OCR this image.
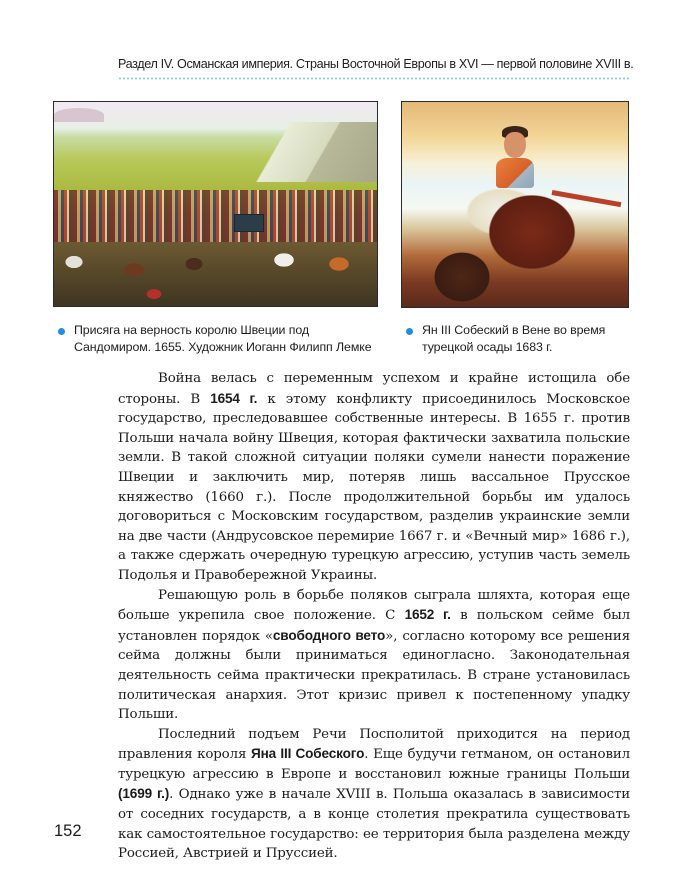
Раздел IV. Османская империя. Страны Восточной Европы в XVI — первой половине XVIII в.
Присяга на верность королю Швеции под Сандомиром. 1655. Художник Иоганн Филипп Лемке
Ян III Собеский в Вене во время турецкой осады 1683 г.

Война велась с переменным успехом и крайне истощила обе стороны. В 1654 г. к этому конфликту присоединилось Московское государство, преследовавшее собственные интересы. В 1655 г. против Польши начала войну Швеция, которая фактически захватила польские земли. В такой сложной ситуации поляки сумели нанести поражение Швеции и заключить мир, потеряв лишь вассальное Прусское княжество (1660 г.). После продолжительной борьбы им удалось договориться с Московским государством, разделив украинские земли на две части (Андрусовское перемирие 1667 г. и «Вечный мир» 1686 г.), а также сдержать очередную турецкую агрессию, уступив часть земель Подолья и Правобережной Украины.

Решающую роль в борьбе поляков сыграла шляхта, которая еще больше укрепила свое положение. С 1652 г. в польском сейме был установлен порядок «свободного вето», согласно которому все решения сейма должны были приниматься единогласно. Законодательная деятельность сейма практически прекратилась. В стране установилась политическая анархия. Этот кризис привел к постепенному упадку Польши.

Последний подъем Речи Посполитой приходится на период правления короля Яна III Собеского. Еще будучи гетманом, он остановил турецкую агрессию в Европе и восстановил южные границы Польши (1699 г.). Однако уже в начале XVIII в. Польша оказалась в зависимости от соседних государств, а в конце столетия прекратила существовать как самостоятельное государство: ее территория была разделена между Россией, Австрией и Пруссией.

152
